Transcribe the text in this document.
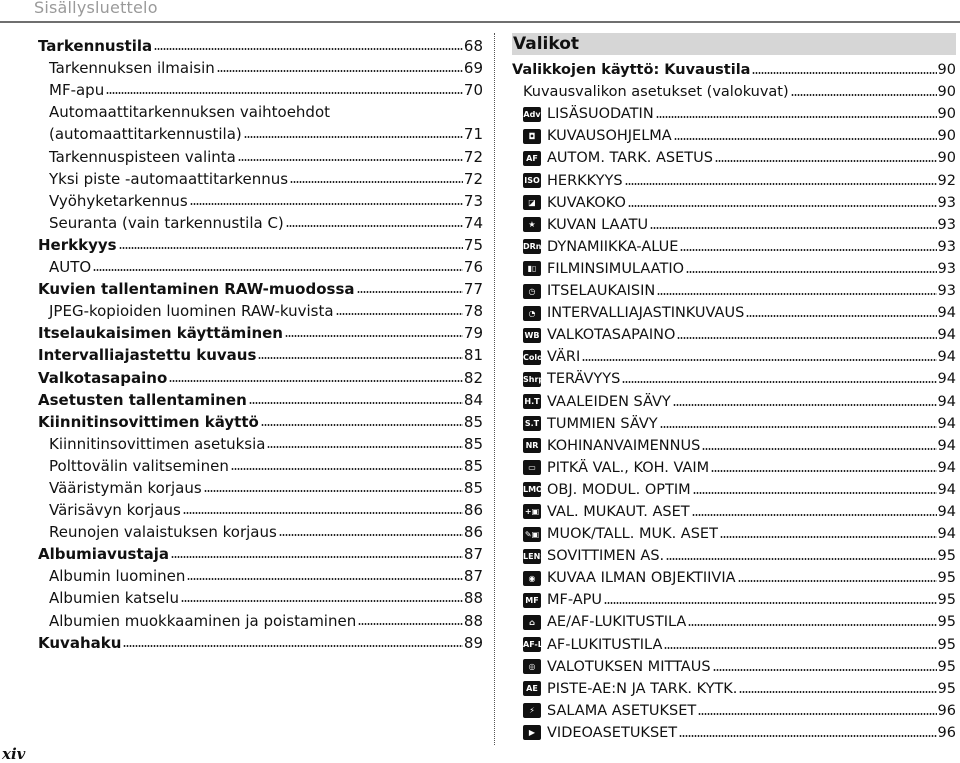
Sisällysluettelo
xiv
Tarkennustila	68
Tarkennuksen ilmaisin	69
MF-apu	70
Automaattitarkennuksen vaihtoehdot
(automaattitarkennustila)	71
Tarkennuspisteen valinta	72
Yksi piste -automaattitarkennus	72
Vyöhyketarkennus	73
Seuranta (vain tarkennustila C)	74
Herkkyys	75
AUTO	76
Kuvien tallentaminen RAW-muodossa	77
JPEG-kopioiden luominen RAW-kuvista	78
Itselaukaisimen käyttäminen	79
Intervalliajastettu kuvaus	81
Valkotasapaino	82
Asetusten tallentaminen	84
Kiinnitinsovittimen käyttö	85
Kiinnitinsovittimen asetuksia	85
Polttovälin valitseminen	85
Vääristymän korjaus	85
Värisävyn korjaus	86
Reunojen valaistuksen korjaus	86
Albumiavustaja	87
Albumin luominen	87
Albumien katselu	88
Albumien muokkaaminen ja poistaminen	88
Kuvahaku	89
Valikot
Valikkojen käyttö: Kuvaustila	90
Kuvausvalikon asetukset (valokuvat)	90
Adv LISÄSUODATIN	90
◘ KUVAUSOHJELMA	90
AF AUTOM. TARK. ASETUS	90
ISO HERKKYYS	92
◪ KUVAKOKO	93
★ KUVAN LAATU	93
DRng DYNAMIIKKA-ALUE	93
▮▯ FILMINSIMULAATIO	93
◷ ITSELAUKAISIN	93
◔ INTERVALLIAJASTINKUVAUS	94
WB VALKOTASAPAINO	94
Color VÄRI	94
Shrp TERÄVYYS	94
H.T VAALEIDEN SÄVY	94
S.T TUMMIEN SÄVY	94
NR KOHINANVAIMENNUS	94
▭ PITKÄ VAL., KOH. VAIM	94
LMO OBJ. MODUL. OPTIM	94
+▣ VAL. MUKAUT. ASET	94
✎▣ MUOK/TALL. MUK. ASET	94
LENS SOVITTIMEN AS.	95
◉ KUVAA ILMAN OBJEKTIIVIA	95
MF MF-APU	95
⌂ AE/AF-LUKITUSTILA	95
AF-L AF-LUKITUSTILA	95
◎ VALOTUKSEN MITTAUS	95
AE PISTE-AE:N JA TARK. KYTK.	95
⚡ SALAMA ASETUKSET	96
▶ VIDEOASETUKSET	96
